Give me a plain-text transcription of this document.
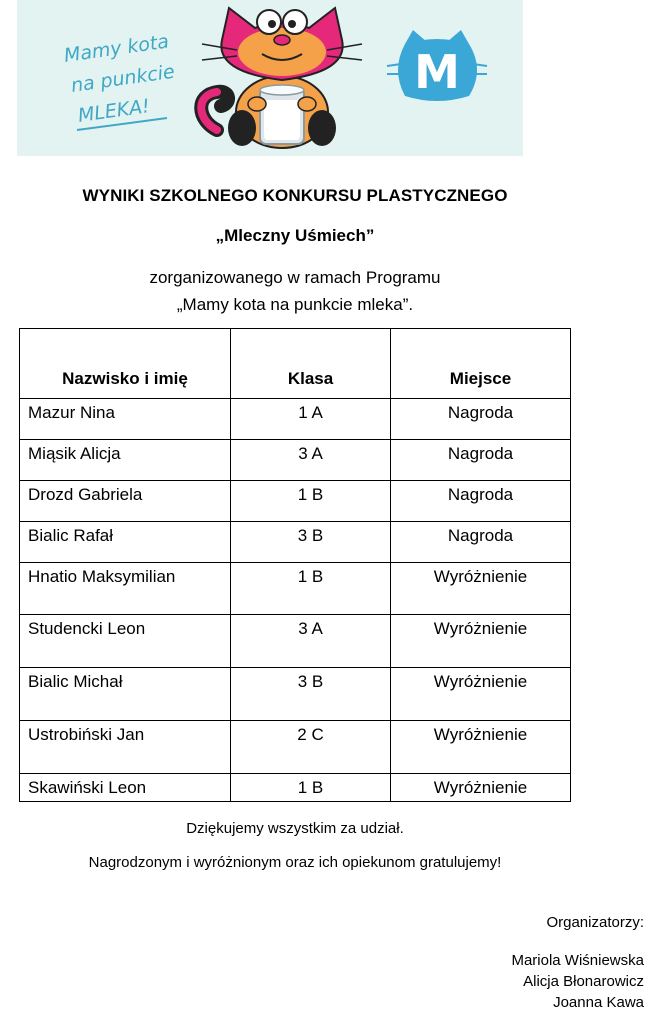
Mamy kota
na punkcie
MLEKA!
M
WYNIKI SZKOLNEGO KONKURSU PLASTYCZNEGO

„Mleczny Uśmiech”

zorganizowanego w ramach Programu
„Mamy kota na punkcie mleka”.
Nazwisko i imię	Klasa	Miejsce
Mazur Nina	1 A	Nagroda
Miąsik Alicja	3 A	Nagroda
Drozd Gabriela	1 B	Nagroda
Bialic Rafał	3 B	Nagroda
Hnatio Maksymilian	1 B	Wyróżnienie
Studencki Leon	3 A	Wyróżnienie
Bialic Michał	3 B	Wyróżnienie
Ustrobiński Jan	2 C	Wyróżnienie
Skawiński Leon	1 B	Wyróżnienie

Dziękujemy wszystkim za udział.

Nagrodzonym i wyróżnionym oraz ich opiekunom gratulujemy!

Organizatorzy:

Mariola Wiśniewska
Alicja Błonarowicz
Joanna Kawa
